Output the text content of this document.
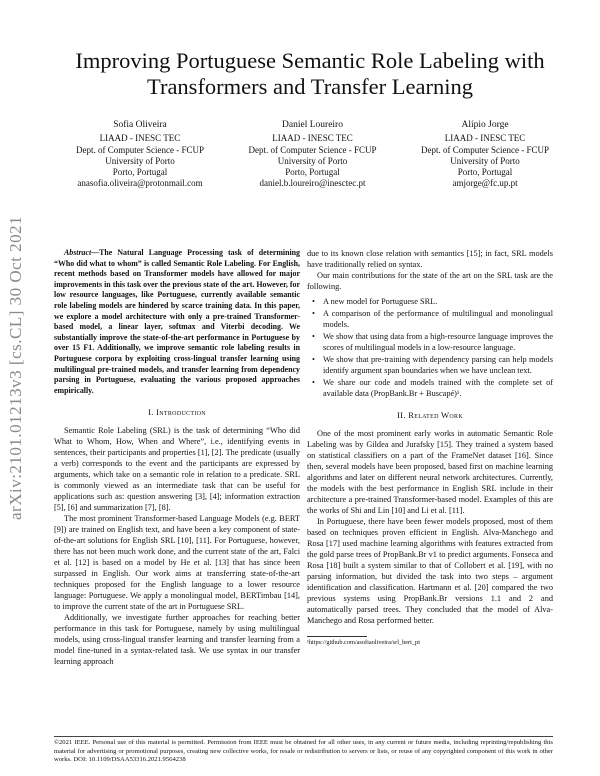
arXiv:2101.01213v3 [cs.CL] 30 Oct 2021
Improving Portuguese Semantic Role Labeling with Transformers and Transfer Learning
Sofia Oliveira
LIAAD - INESC TEC
Dept. of Computer Science - FCUP
University of Porto
Porto, Portugal
anasofia.oliveira@protonmail.com
Daniel Loureiro
LIAAD - INESC TEC
Dept. of Computer Science - FCUP
University of Porto
Porto, Portugal
daniel.b.loureiro@inesctec.pt
Alípio Jorge
LIAAD - INESC TEC
Dept. of Computer Science - FCUP
University of Porto
Porto, Portugal
amjorge@fc.up.pt

Abstract—The Natural Language Processing task of determining “Who did what to whom” is called Semantic Role Labeling. For English, recent methods based on Transformer models have allowed for major improvements in this task over the previous state of the art. However, for low resource languages, like Portuguese, currently available semantic role labeling models are hindered by scarce training data. In this paper, we explore a model architecture with only a pre-trained Transformer-based model, a linear layer, softmax and Viterbi decoding. We substantially improve the state-of-the-art performance in Portuguese by over 15 F1. Additionally, we improve semantic role labeling results in Portuguese corpora by exploiting cross-lingual transfer learning using multilingual pre-trained models, and transfer learning from dependency parsing in Portuguese, evaluating the various proposed approaches empirically.

I. Introduction

Semantic Role Labeling (SRL) is the task of determining “Who did What to Whom, How, When and Where”, i.e., identifying events in sentences, their participants and properties [1], [2]. The predicate (usually a verb) corresponds to the event and the participants are expressed by arguments, which take on a semantic role in relation to a predicate. SRL is commonly viewed as an intermediate task that can be useful for applications such as: question answering [3], [4]; information extraction [5], [6] and summarization [7], [8].

The most prominent Transformer-based Language Models (e.g. BERT [9]) are trained on English text, and have been a key component of state-of-the-art solutions for English SRL [10], [11]. For Portuguese, however, there has not been much work done, and the current state of the art, Falci et al. [12] is based on a model by He et al. [13] that has since been surpassed in English. Our work aims at transferring state-of-the-art techniques proposed for the English language to a lower resource language: Portuguese. We apply a monolingual model, BERTimbau [14], to improve the current state of the art in Portuguese SRL.

Additionally, we investigate further approaches for reaching better performance in this task for Portuguese, namely by using multilingual models, using cross-lingual transfer learning and transfer learning from a model fine-tuned in a syntax-related task. We use syntax in our transfer learning approach

due to its known close relation with semantics [15]; in fact, SRL models have traditionally relied on syntax.

Our main contributions for the state of the art on the SRL task are the following.

• A new model for Portuguese SRL.
• A comparison of the performance of multilingual and monolingual models.
• We show that using data from a high-resource language improves the scores of multilingual models in a low-resource language.
• We show that pre-training with dependency parsing can help models identify argument span boundaries when we have unclean text.
• We share our code and models trained with the complete set of available data (PropBank.Br + Buscapé)¹.
II. Related Work

One of the most prominent early works in automatic Semantic Role Labeling was by Gildea and Jurafsky [15]. They trained a system based on statistical classifiers on a part of the FrameNet dataset [16]. Since then, several models have been proposed, based first on machine learning algorithms and later on different neural network architectures. Currently, the models with the best performance in English SRL include in their architecture a pre-trained Transformer-based model. Examples of this are the works of Shi and Lin [10] and Li et al. [11].

In Portuguese, there have been fewer models proposed, most of them based on techniques proven efficient in English. Alva-Manchego and Rosa [17] used machine learning algorithms with features extracted from the gold parse trees of PropBank.Br v1 to predict arguments. Fonseca and Rosa [18] built a system similar to that of Collobert et al. [19], with no parsing information, but divided the task into two steps – argument identification and classification. Hartmann et al. [20] compared the two previous systems using PropBank.Br versions 1.1 and 2 and automatically parsed trees. They concluded that the model of Alva-Manchego and Rosa performed better.

¹https://github.com/asofiaoliveira/srl_bert_pt
©2021 IEEE. Personal use of this material is permitted. Permission from IEEE must be obtained for all other uses, in any current or future media, including reprinting/republishing this material for advertising or promotional purposes, creating new collective works, for resale or redistribution to servers or lists, or reuse of any copyrighted component of this work in other works. DOI: 10.1109/DSAA53316.2021.9564238
